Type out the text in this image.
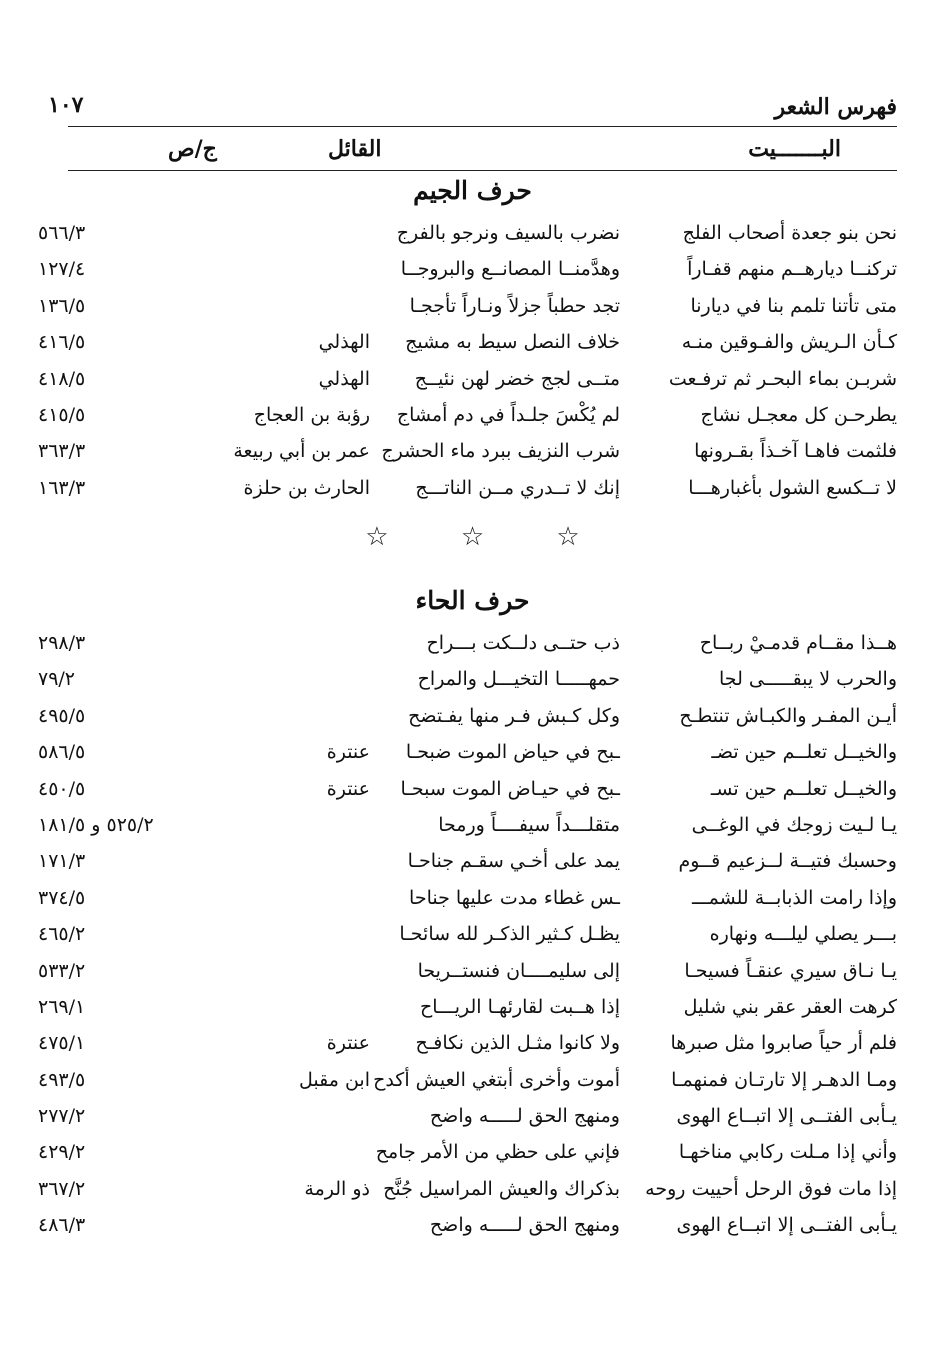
فهرس الشعر
١٠٧
البـــــــيت
القائل
ج/ص
حرف الجيم
نحن بنو جعدة أصحاب الفلج
نضرب بالسيف ونرجو بالفرج
٥٦٦/٣
تركنــا ديارهــم منهم قفـاراً
وهدَّمنــا المصانــع والبروجــا
١٢٧/٤
متى تأتنا تلمم بنا في ديارنا
تجد حطباً جزلاً ونـاراً تأججـا
١٣٦/٥
كـأن الـريش والفـوقين منـه
خلاف النصل سيط به مشيج
الهذلي
٤١٦/٥
شربـن بماء البحـر ثم ترفـعت
متــى لجج خضر لهن نئيــج
الهذلي
٤١٨/٥
يطرحـن كل معجـل نشاج
لم يُكْسَ جلـداً في دم أمشاج
رؤبة بن العجاج
٤١٥/٥
فلثمت فاهـا آخـذاً بقـرونها
شرب النزيف ببرد ماء الحشرج
عمر بن أبي ربيعة
٣٦٣/٣
لا تــكسع الشول بأغبارهـــا
إنك لا تــدري مــن الناتـــج
الحارث بن حلزة
١٦٣/٣
☆ ☆ ☆
حرف الحاء
هــذا مقــام قدمـيْ ربــاح
ذب حتــى دلــكت بـــراح
٢٩٨/٣
والحرب لا يبقـــــى لجا
حمهـــــا التخيـــل والمراح
٧٩/٢
أيـن المفـر والكبـاش تنتطـح
وكل كـبش فـر منها يفـتضح
٤٩٥/٥
والخيــل تعلــم حين تضـ
ـبح في حياض الموت ضبحـا
عنترة
٥٨٦/٥
والخيــل تعلــم حين تسـ
ـبح في حيـاض الموت سبحـا
عنترة
٤٥٠/٥
يـا لـيت زوجك في الوغــى
متقلـــداً سيفــــاً ورمحا
٥٢٥/٢ و ١٨١/٥
وحسبك فتيــة لــزعيم قــوم
يمد على أخـي سقـم جناحـا
١٧١/٣
وإذا رامت الذبابــة للشمـــ
ـس غطاء مدت عليها جناحا
٣٧٤/٥
بـــر يصلي ليلـــه ونهاره
يظـل كـثير الذكـر لله سائحـا
٤٦٥/٢
يـا نـاق سيري عنقـاً فسيحـا
إلى سليمــــان فنستــريحا
٥٣٣/٢
كرهت العقر عقر بني شليل
إذا هــبت لقارئهـا الريـــاح
٢٦٩/١
فلم أر حياً صابروا مثل صبرها
ولا كانوا مثـل الذين نكافـح
عنترة
٤٧٥/١
ومـا الدهـر إلا تارتـان فمنهمـا
أموت وأخرى أبتغي العيش أكدح
ابن مقبل
٤٩٣/٥
يـأبى الفتــى إلا اتبــاع الهوى
ومنهج الحق لـــــه واضح
٢٧٧/٢
وأني إذا مـلت ركابي مناخهـا
فإني على حظي من الأمر جامح
٤٢٩/٢
إذا مات فوق الرحل أحييت روحه
بذكراك والعيش المراسيل جُنَّح
ذو الرمة
٣٦٧/٢
يـأبى الفتــى إلا اتبــاع الهوى
ومنهج الحق لـــــه واضح
٤٨٦/٣
